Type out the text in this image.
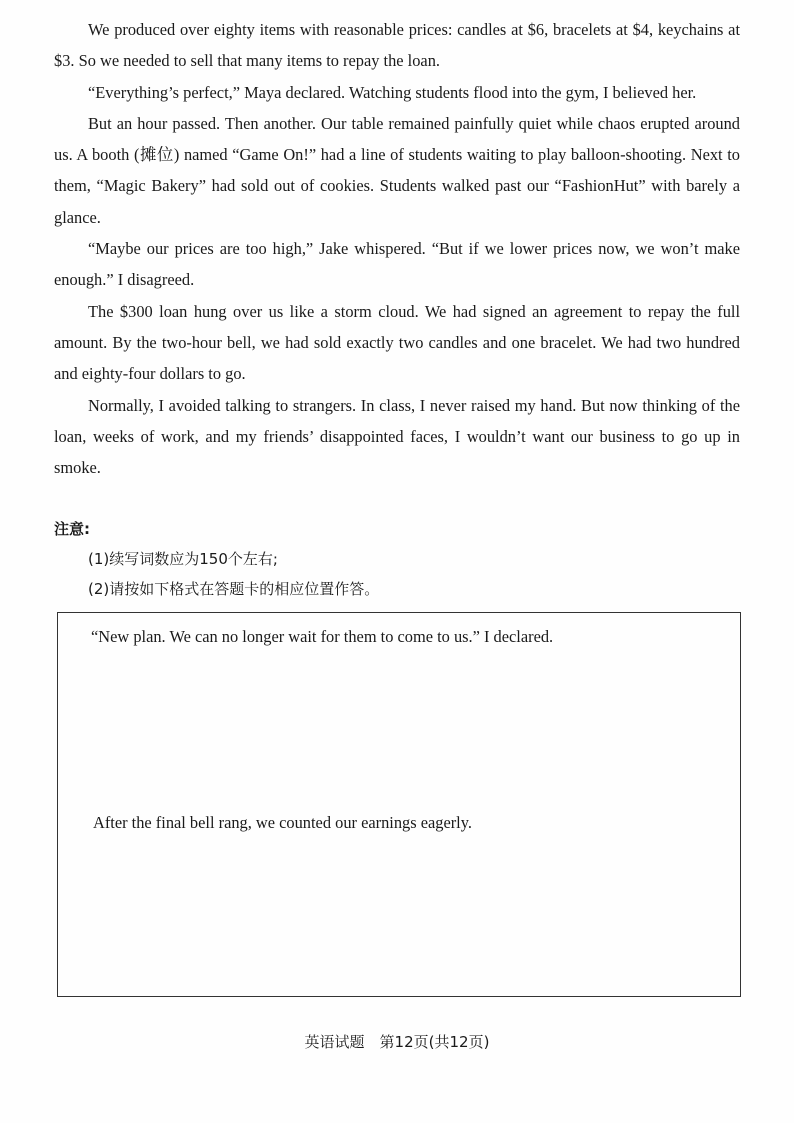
We produced over eighty items with reasonable prices: candles at $6, bracelets at $4, keychains at $3. So we needed to sell that many items to repay the loan.

“Everything’s perfect,” Maya declared. Watching students flood into the gym, I believed her.

But an hour passed. Then another. Our table remained painfully quiet while chaos erupted around us. A booth (摊位) named “Game On!” had a line of students waiting to play balloon-shooting. Next to them, “Magic Bakery” had sold out of cookies. Students walked past our “FashionHut” with barely a glance.

“Maybe our prices are too high,” Jake whispered. “But if we lower prices now, we won’t make enough.” I disagreed.

The $300 loan hung over us like a storm cloud. We had signed an agreement to repay the full amount. By the two-hour bell, we had sold exactly two candles and one bracelet. We had two hundred and eighty-four dollars to go.

Normally, I avoided talking to strangers. In class, I never raised my hand. But now thinking of the loan, weeks of work, and my friends’ disappointed faces, I wouldn’t want our business to go up in smoke.

注意:

(1)续写词数应为150个左右;

(2)请按如下格式在答题卡的相应位置作答。

“New plan. We can no longer wait for them to come to us.” I declared.

After the final bell rang, we counted our earnings eagerly.

英语试题　第12页(共12页)
